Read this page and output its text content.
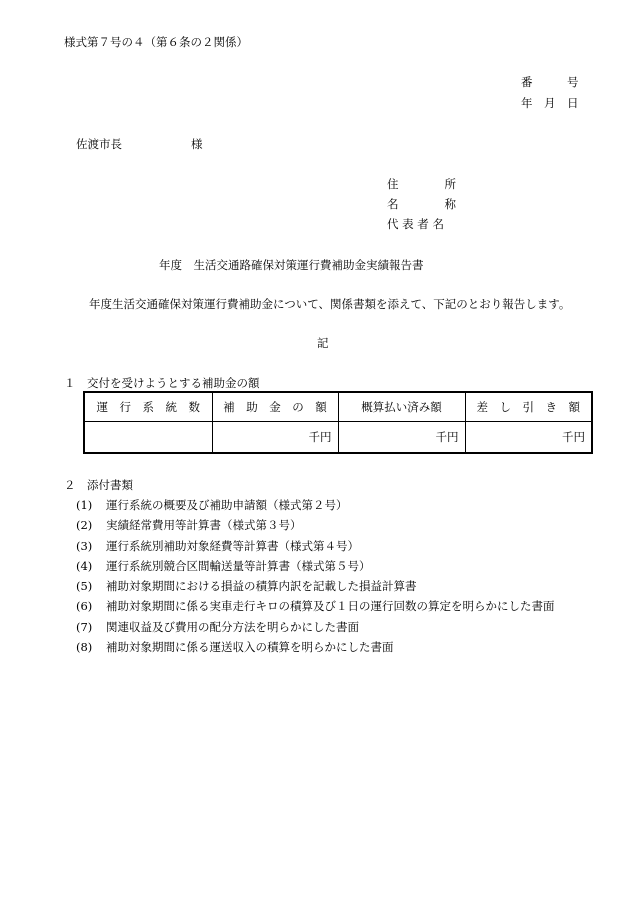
様式第７号の４（第６条の２関係）
番　　　号
年　月　日
佐渡市長　　　　　　様
住　　　　所
名　　　　称
代 表 者 名
年度　生活交通路確保対策運行費補助金実績報告書
年度生活交通確保対策運行費補助金について、関係書類を添えて、下記のとおり報告します。
記
１　交付を受けようとする補助金の額
運　行　系　統　数	補　助　金　の　額	概算払い済み額	差　し　引　き　額
	千円	千円	千円
２　添付書類
(1) 運行系統の概要及び補助申請額（様式第２号）
(2) 実績経常費用等計算書（様式第３号）
(3) 運行系統別補助対象経費等計算書（様式第４号）
(4) 運行系統別競合区間輸送量等計算書（様式第５号）
(5) 補助対象期間における損益の積算内訳を記載した損益計算書
(6) 補助対象期間に係る実車走行キロの積算及び１日の運行回数の算定を明らかにした書面
(7) 関連収益及び費用の配分方法を明らかにした書面
(8) 補助対象期間に係る運送収入の積算を明らかにした書面
